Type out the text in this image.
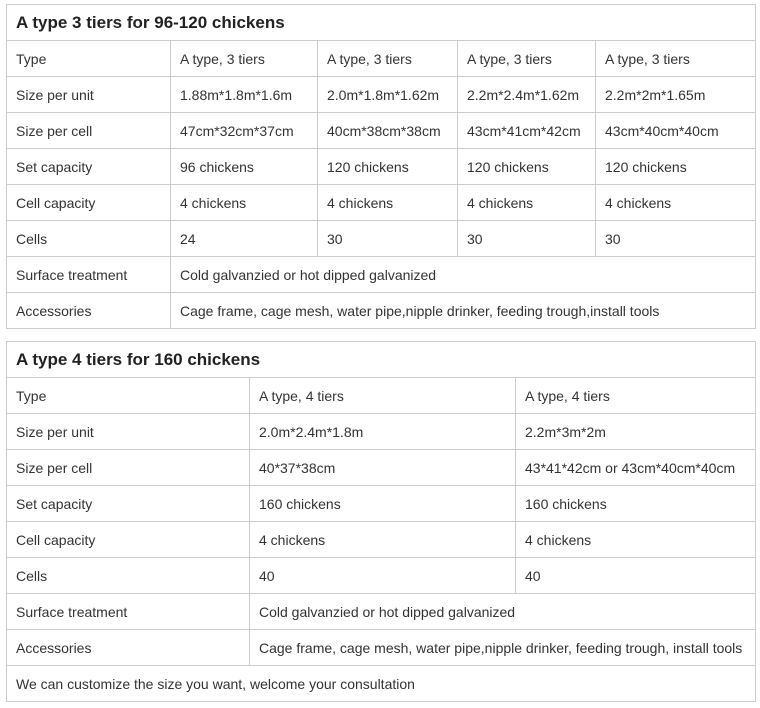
A type 3 tiers for 96-120 chickens				
Type	A type, 3 tiers	A type, 3 tiers	A type, 3 tiers	A type, 3 tiers
Size per unit	1.88m*1.8m*1.6m	2.0m*1.8m*1.62m	2.2m*2.4m*1.62m	2.2m*2m*1.65m
Size per cell	47cm*32cm*37cm	40cm*38cm*38cm	43cm*41cm*42cm	43cm*40cm*40cm
Set capacity	96 chickens	120 chickens	120 chickens	120 chickens
Cell capacity	4 chickens	4 chickens	4 chickens	4 chickens
Cells	24	30	30	30
Surface treatment	Cold galvanzied or hot dipped galvanized			
Accessories	Cage frame, cage mesh, water pipe,nipple drinker, feeding trough,install tools			
A type 4 tiers for 160 chickens		
Type	A type, 4 tiers	A type, 4 tiers
Size per unit	2.0m*2.4m*1.8m	2.2m*3m*2m
Size per cell	40*37*38cm	43*41*42cm or 43cm*40cm*40cm
Set capacity	160 chickens	160 chickens
Cell capacity	4 chickens	4 chickens
Cells	40	40
Surface treatment	Cold galvanzied or hot dipped galvanized	
Accessories	Cage frame, cage mesh, water pipe,nipple drinker, feeding trough, install tools	
We can customize the size you want, welcome your consultation		
